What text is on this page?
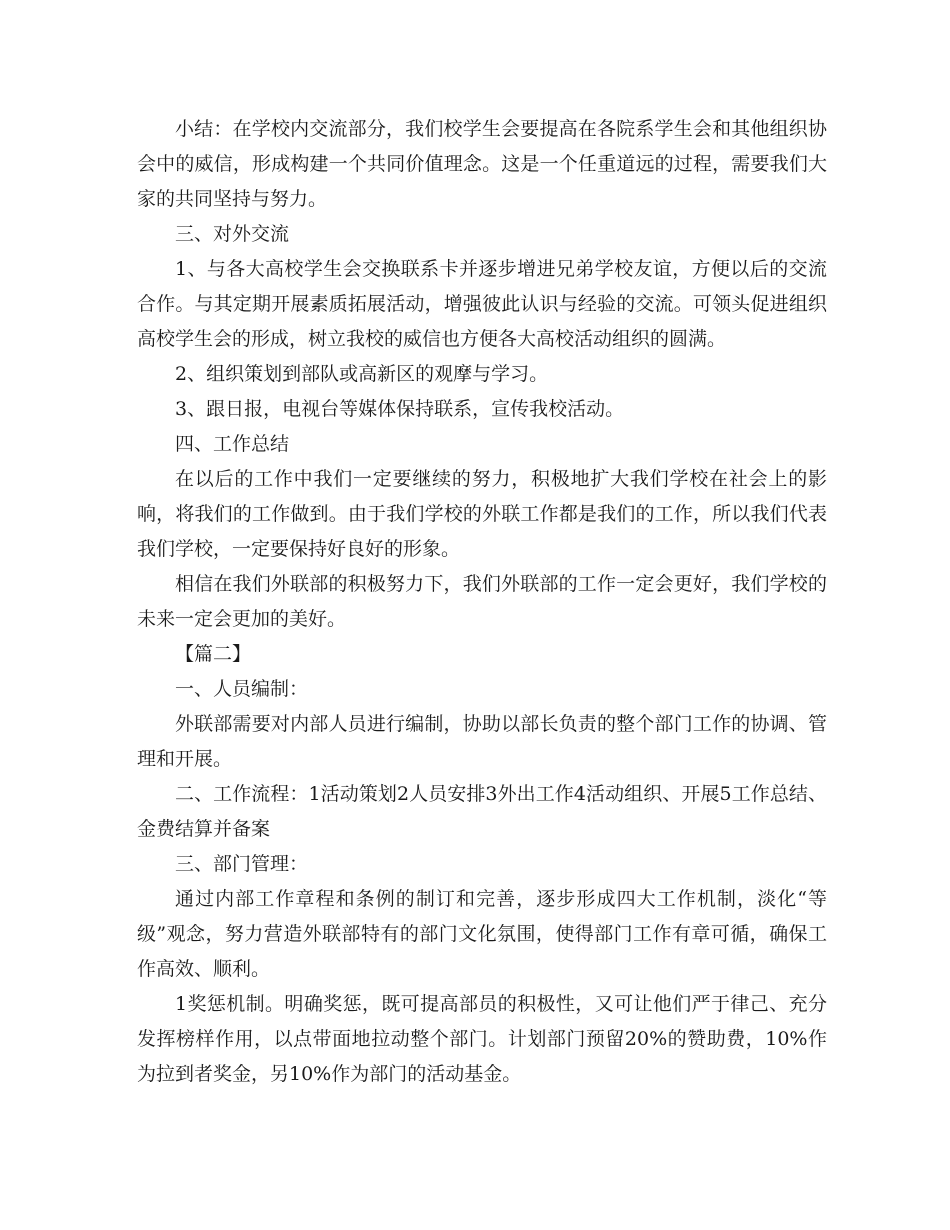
小结：在学校内交流部分，我们校学生会要提高在各院系学生会和其他组织协会中的威信，形成构建一个共同价值理念。这是一个任重道远的过程，需要我们大家的共同坚持与努力。

三、对外交流

1、与各大高校学生会交换联系卡并逐步增进兄弟学校友谊，方便以后的交流合作。与其定期开展素质拓展活动，增强彼此认识与经验的交流。可领头促进组织高校学生会的形成，树立我校的威信也方便各大高校活动组织的圆满。

2、组织策划到部队或高新区的观摩与学习。

3、跟日报，电视台等媒体保持联系，宣传我校活动。

四、工作总结

在以后的工作中我们一定要继续的努力，积极地扩大我们学校在社会上的影响，将我们的工作做到。由于我们学校的外联工作都是我们的工作，所以我们代表我们学校，一定要保持好良好的形象。

相信在我们外联部的积极努力下，我们外联部的工作一定会更好，我们学校的未来一定会更加的美好。

【篇二】

一、人员编制：

外联部需要对内部人员进行编制，协助以部长负责的整个部门工作的协调、管理和开展。

二、工作流程：1活动策划2人员安排3外出工作4活动组织、开展5工作总结、金费结算并备案

三、部门管理：

通过内部工作章程和条例的制订和完善，逐步形成四大工作机制，淡化“等级”观念，努力营造外联部特有的部门文化氛围，使得部门工作有章可循，确保工作高效、顺利。

1奖惩机制。明确奖惩，既可提高部员的积极性，又可让他们严于律己、充分发挥榜样作用，以点带面地拉动整个部门。计划部门预留20%的赞助费，10%作为拉到者奖金，另10%作为部门的活动基金。
